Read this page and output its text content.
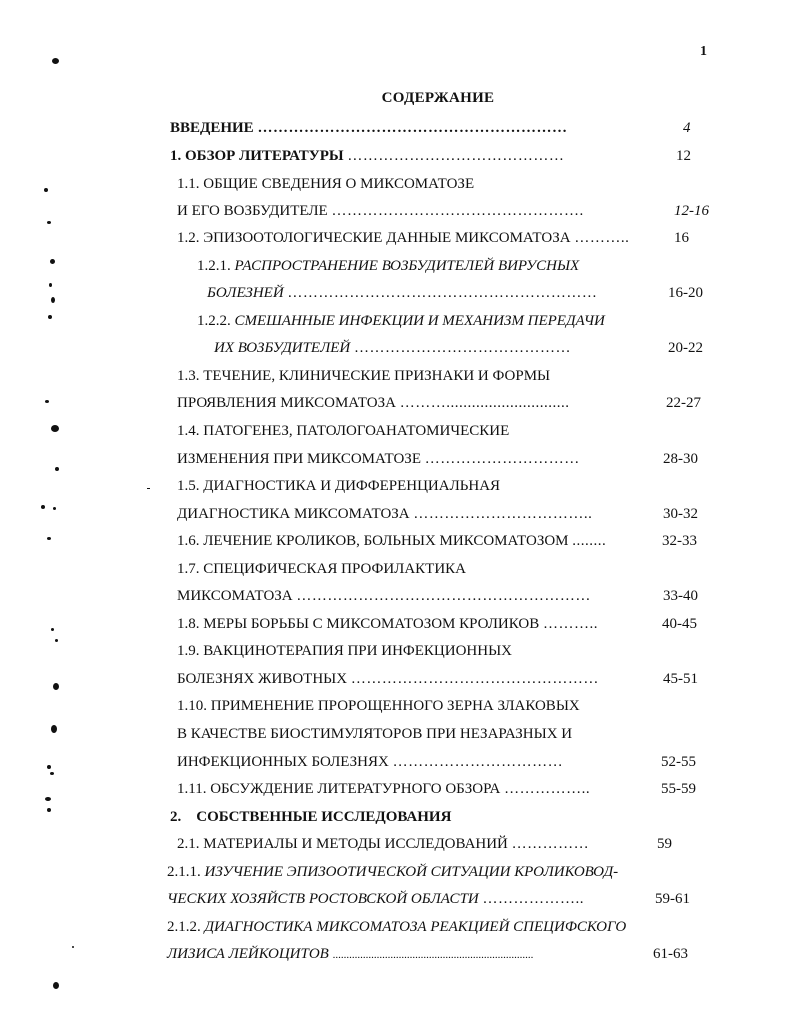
1
СОДЕРЖАНИЕ
ВВЕДЕНИЕ ……………………………………………………	4
1. ОБЗОР ЛИТЕРАТУРЫ ……………………………………	12
1.1. ОБЩИЕ СВЕДЕНИЯ О МИКСОМАТОЗЕ
И ЕГО ВОЗБУДИТЕЛЕ ………………………………………….	12-16
1.2. ЭПИЗООТОЛОГИЧЕСКИЕ ДАННЫЕ МИКСОМАТОЗА ………..	16
1.2.1. РАСПРОСТРАНЕНИЕ ВОЗБУДИТЕЛЕЙ ВИРУСНЫХ
БОЛЕЗНЕЙ ……………………………………………………	16-20
1.2.2. СМЕШАННЫЕ ИНФЕКЦИИ И МЕХАНИЗМ ПЕРЕДАЧИ
ИХ ВОЗБУДИТЕЛЕЙ ……………………………………	20-22
1.3. ТЕЧЕНИЕ, КЛИНИЧЕСКИЕ ПРИЗНАКИ И ФОРМЫ
ПРОЯВЛЕНИЯ МИКСОМАТОЗА ……….............................	22-27
1.4. ПАТОГЕНЕЗ, ПАТОЛОГОАНАТОМИЧЕСКИЕ
ИЗМЕНЕНИЯ ПРИ МИКСОМАТОЗЕ …………………………	28-30
1.5. ДИАГНОСТИКА И ДИФФЕРЕНЦИАЛЬНАЯ
ДИАГНОСТИКА МИКСОМАТОЗА ……………………………..	30-32
1.6. ЛЕЧЕНИЕ КРОЛИКОВ, БОЛЬНЫХ МИКСОМАТОЗОМ ........	32-33
1.7. СПЕЦИФИЧЕСКАЯ ПРОФИЛАКТИКА
МИКСОМАТОЗА …………………………………………………	33-40
1.8. МЕРЫ БОРЬБЫ С МИКСОМАТОЗОМ КРОЛИКОВ ………..	40-45
1.9. ВАКЦИНОТЕРАПИЯ ПРИ ИНФЕКЦИОННЫХ
БОЛЕЗНЯХ ЖИВОТНЫХ …………………………………………	45-51
1.10. ПРИМЕНЕНИЕ ПРОРОЩЕННОГО ЗЕРНА ЗЛАКОВЫХ
В КАЧЕСТВЕ БИОСТИМУЛЯТОРОВ ПРИ НЕЗАРАЗНЫХ И
ИНФЕКЦИОННЫХ БОЛЕЗНЯХ ……………………………	52-55
1.11. ОБСУЖДЕНИЕ ЛИТЕРАТУРНОГО ОБЗОРА ……………..	55-59
2.    СОБСТВЕННЫЕ ИССЛЕДОВАНИЯ
2.1. МАТЕРИАЛЫ И МЕТОДЫ ИССЛЕДОВАНИЙ ……………	59
2.1.1. ИЗУЧЕНИЕ ЭПИЗООТИЧЕСКОЙ СИТУАЦИИ КРОЛИКОВОД-
ЧЕСКИХ ХОЗЯЙСТВ РОСТОВСКОЙ ОБЛАСТИ ………………..	59-61
2.1.2. ДИАГНОСТИКА МИКСОМАТОЗА РЕАКЦИЕЙ СПЕЦИФСКОГО
ЛИЗИСА ЛЕЙКОЦИТОВ .........................................................................	61-63
